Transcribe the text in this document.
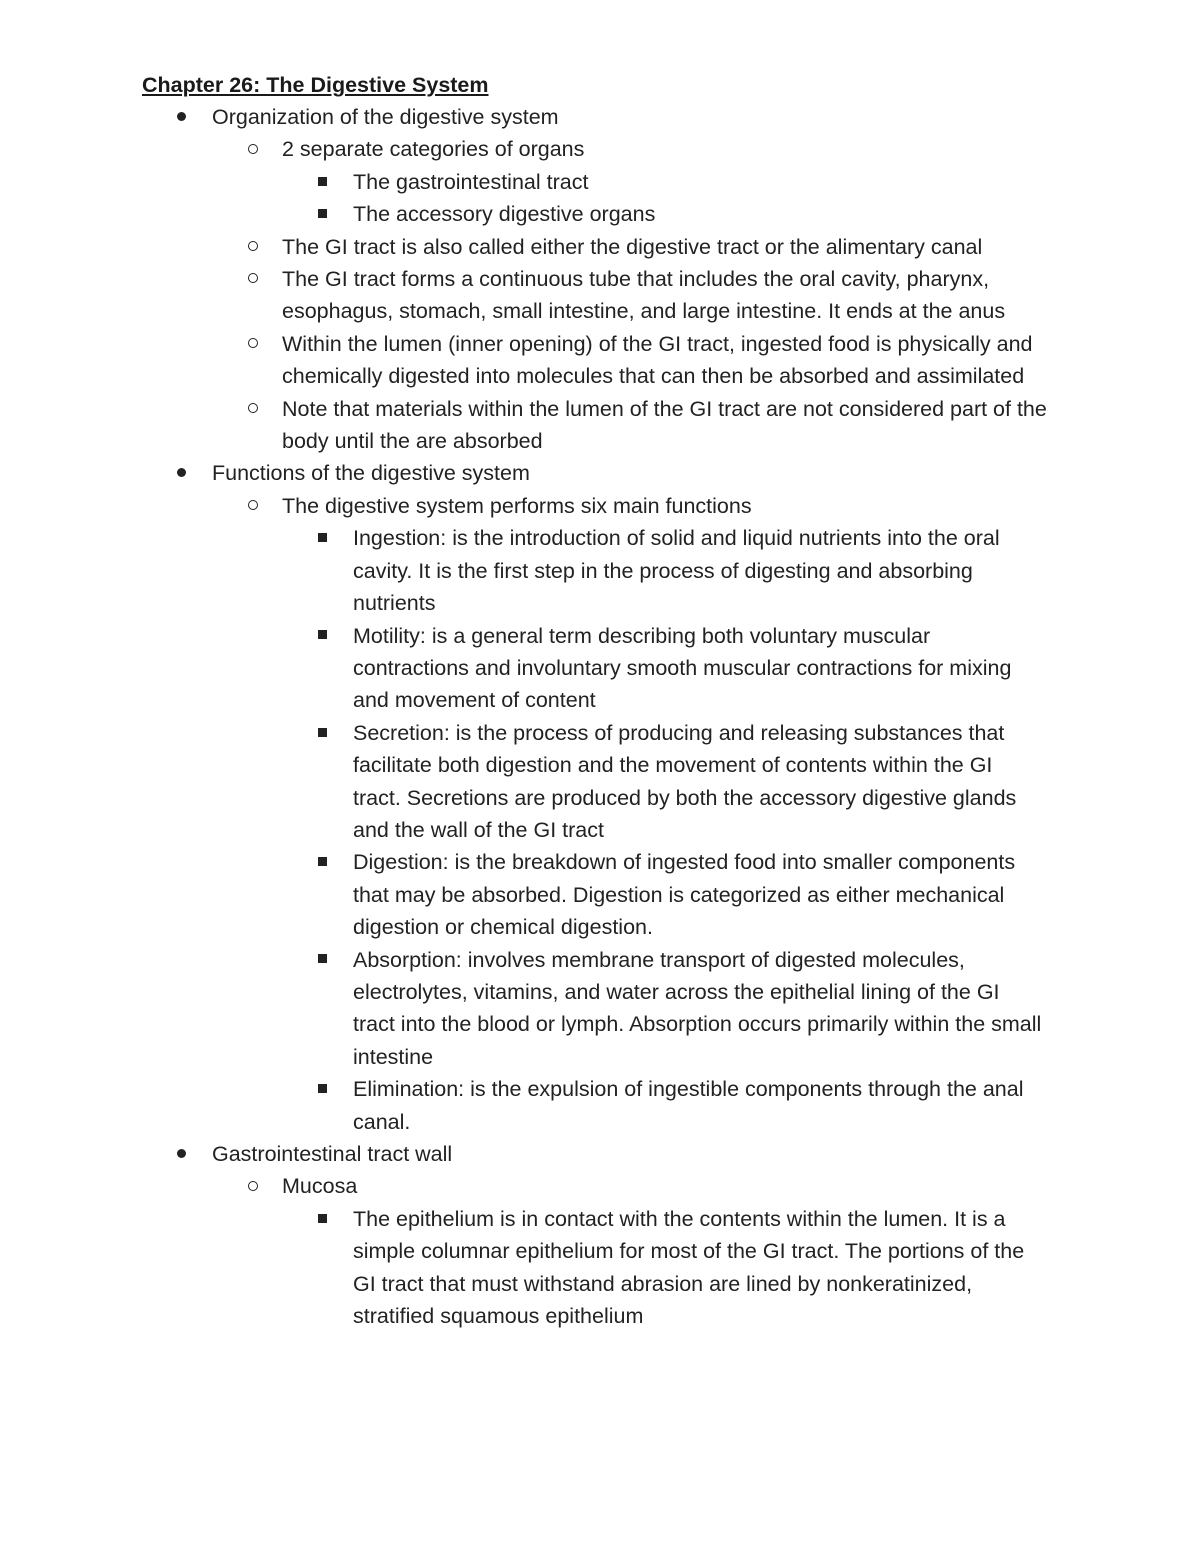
Chapter 26: The Digestive System
Organization of the digestive system
2 separate categories of organs
The gastrointestinal tract
The accessory digestive organs
The GI tract is also called either the digestive tract or the alimentary canal
The GI tract forms a continuous tube that includes the oral cavity, pharynx, esophagus, stomach, small intestine, and large intestine. It ends at the anus
Within the lumen (inner opening) of the GI tract, ingested food is physically and chemically digested into molecules that can then be absorbed and assimilated
Note that materials within the lumen of the GI tract are not considered part of the body until the are absorbed
Functions of the digestive system
The digestive system performs six main functions
Ingestion: is the introduction of solid and liquid nutrients into the oral cavity. It is the first step in the process of digesting and absorbing nutrients
Motility: is a general term describing both voluntary muscular contractions and involuntary smooth muscular contractions for mixing and movement of content
Secretion: is the process of producing and releasing substances that facilitate both digestion and the movement of contents within the GI tract. Secretions are produced by both the accessory digestive glands and the wall of the GI tract
Digestion: is the breakdown of ingested food into smaller components that may be absorbed. Digestion is categorized as either mechanical digestion or chemical digestion.
Absorption: involves membrane transport of digested molecules, electrolytes, vitamins, and water across the epithelial lining of the GI tract into the blood or lymph. Absorption occurs primarily within the small intestine
Elimination: is the expulsion of ingestible components through the anal canal.
Gastrointestinal tract wall
Mucosa
The epithelium is in contact with the contents within the lumen. It is a simple columnar epithelium for most of the GI tract. The portions of the GI tract that must withstand abrasion are lined by nonkeratinized, stratified squamous epithelium
